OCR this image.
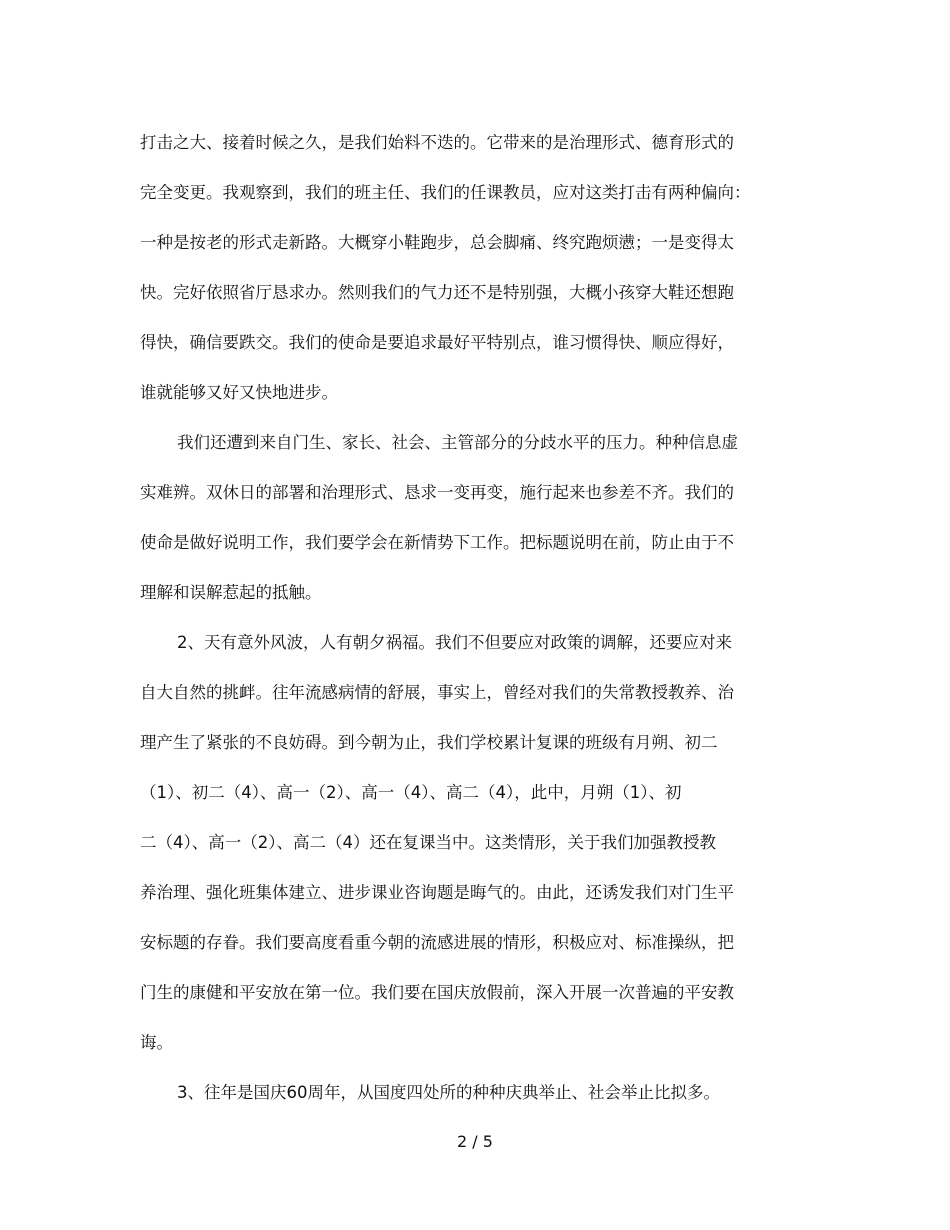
打击之大、接着时候之久，是我们始料不迭的。它带来的是治理形式、德育形式的
完全变更。我观察到，我们的班主任、我们的任课教员，应对这类打击有两种偏向：
一种是按老的形式走新路。大概穿小鞋跑步，总会脚痛、终究跑烦懑；一是变得太
快。完好依照省厅恳求办。然则我们的气力还不是特别强，大概小孩穿大鞋还想跑
得快，确信要跌交。我们的使命是要追求最好平特别点，谁习惯得快、顺应得好，
谁就能够又好又快地进步。
我们还遭到来自门生、家长、社会、主管部分的分歧水平的压力。种种信息虚
实难辨。双休日的部署和治理形式、恳求一变再变，施行起来也参差不齐。我们的
使命是做好说明工作，我们要学会在新情势下工作。把标题说明在前，防止由于不
理解和误解惹起的抵触。
2、天有意外风波，人有朝夕祸福。我们不但要应对政策的调解，还要应对来
自大自然的挑衅。往年流感病情的舒展，事实上，曾经对我们的失常教授教养、治
理产生了紧张的不良妨碍。到今朝为止，我们学校累计复课的班级有月朔、初二
（1）、初二（4）、高一（2）、高一（4）、高二（4），此中，月朔（1）、初
二（4）、高一（2）、高二（4）还在复课当中。这类情形，关于我们加强教授教
养治理、强化班集体建立、进步课业咨询题是晦气的。由此，还诱发我们对门生平
安标题的存眷。我们要高度看重今朝的流感进展的情形，积极应对、标准操纵，把
门生的康健和平安放在第一位。我们要在国庆放假前，深入开展一次普遍的平安教
诲。
3、往年是国庆60周年，从国度四处所的种种庆典举止、社会举止比拟多。
2 / 5
